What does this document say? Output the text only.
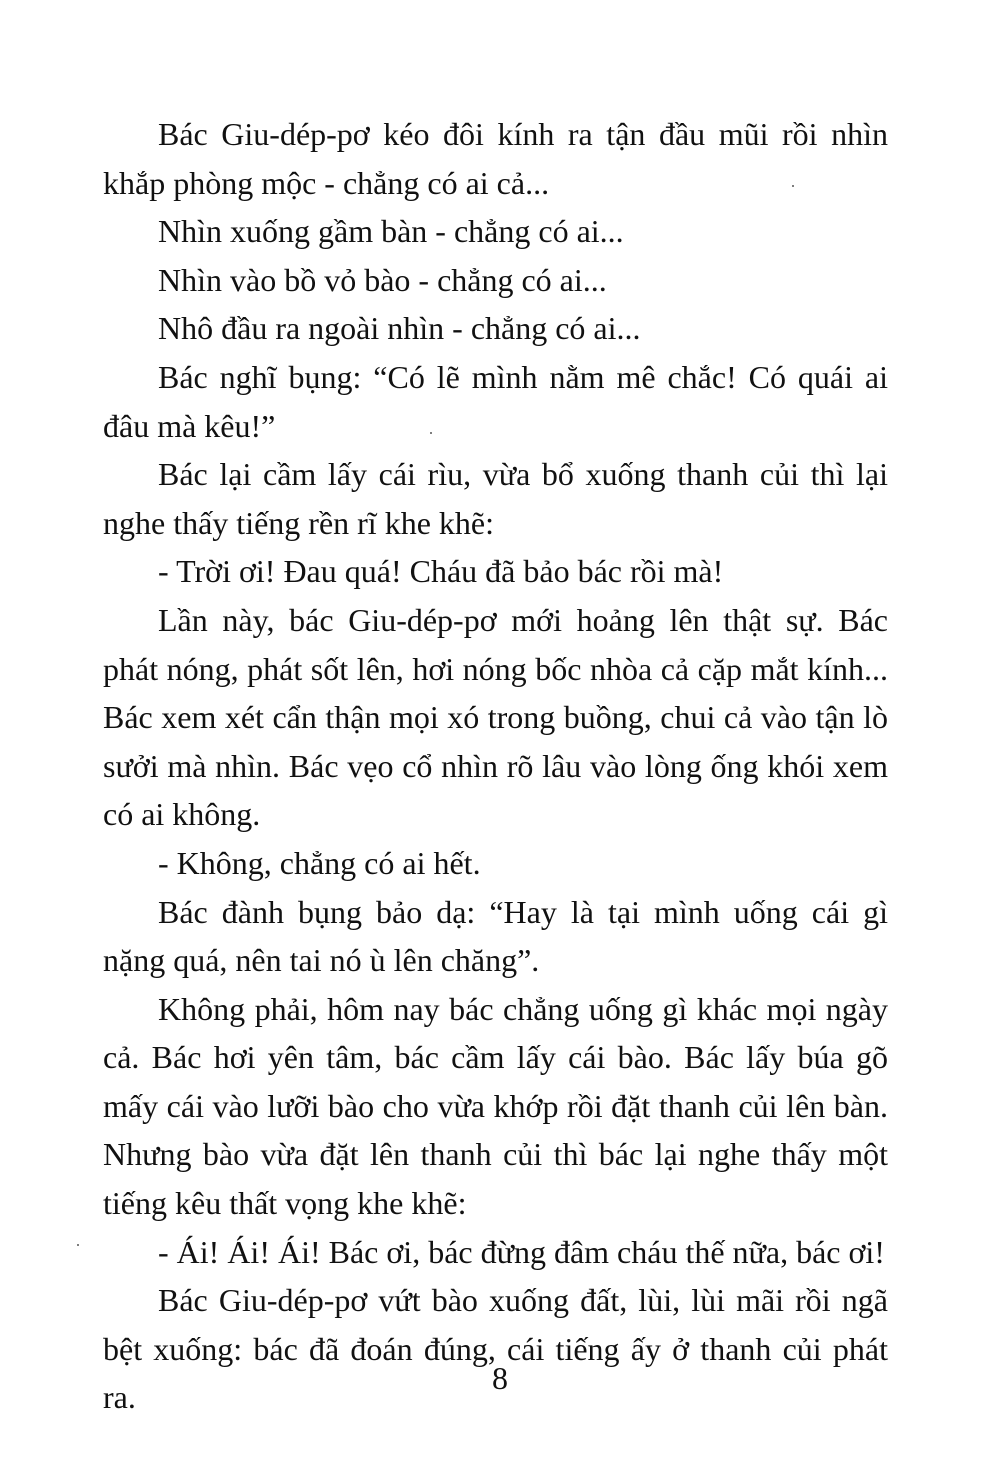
Bác Giu-dép-pơ kéo đôi kính ra tận đầu mũi rồi nhìn khắp phòng mộc - chẳng có ai cả...

Nhìn xuống gầm bàn - chẳng có ai...

Nhìn vào bồ vỏ bào - chẳng có ai...

Nhô đầu ra ngoài nhìn - chẳng có ai...

Bác nghĩ bụng: “Có lẽ mình nằm mê chắc! Có quái ai đâu mà kêu!”

Bác lại cầm lấy cái rìu, vừa bổ xuống thanh củi thì lại nghe thấy tiếng rền rĩ khe khẽ:

- Trời ơi! Đau quá! Cháu đã bảo bác rồi mà!

Lần này, bác Giu-dép-pơ mới hoảng lên thật sự. Bác phát nóng, phát sốt lên, hơi nóng bốc nhòa cả cặp mắt kính... Bác xem xét cẩn thận mọi xó trong buồng, chui cả vào tận lò sưởi mà nhìn. Bác vẹo cổ nhìn rõ lâu vào lòng ống khói xem có ai không.

- Không, chẳng có ai hết.

Bác đành bụng bảo dạ: “Hay là tại mình uống cái gì nặng quá, nên tai nó ù lên chăng”.

Không phải, hôm nay bác chẳng uống gì khác mọi ngày cả. Bác hơi yên tâm, bác cầm lấy cái bào. Bác lấy búa gõ mấy cái vào lưỡi bào cho vừa khớp rồi đặt thanh củi lên bàn. Nhưng bào vừa đặt lên thanh củi thì bác lại nghe thấy một tiếng kêu thất vọng khe khẽ:

- Ái! Ái! Ái! Bác ơi, bác đừng đâm cháu thế nữa, bác ơi!

Bác Giu-dép-pơ vứt bào xuống đất, lùi, lùi mãi rồi ngã bệt xuống: bác đã đoán đúng, cái tiếng ấy ở thanh củi phát ra.

8
